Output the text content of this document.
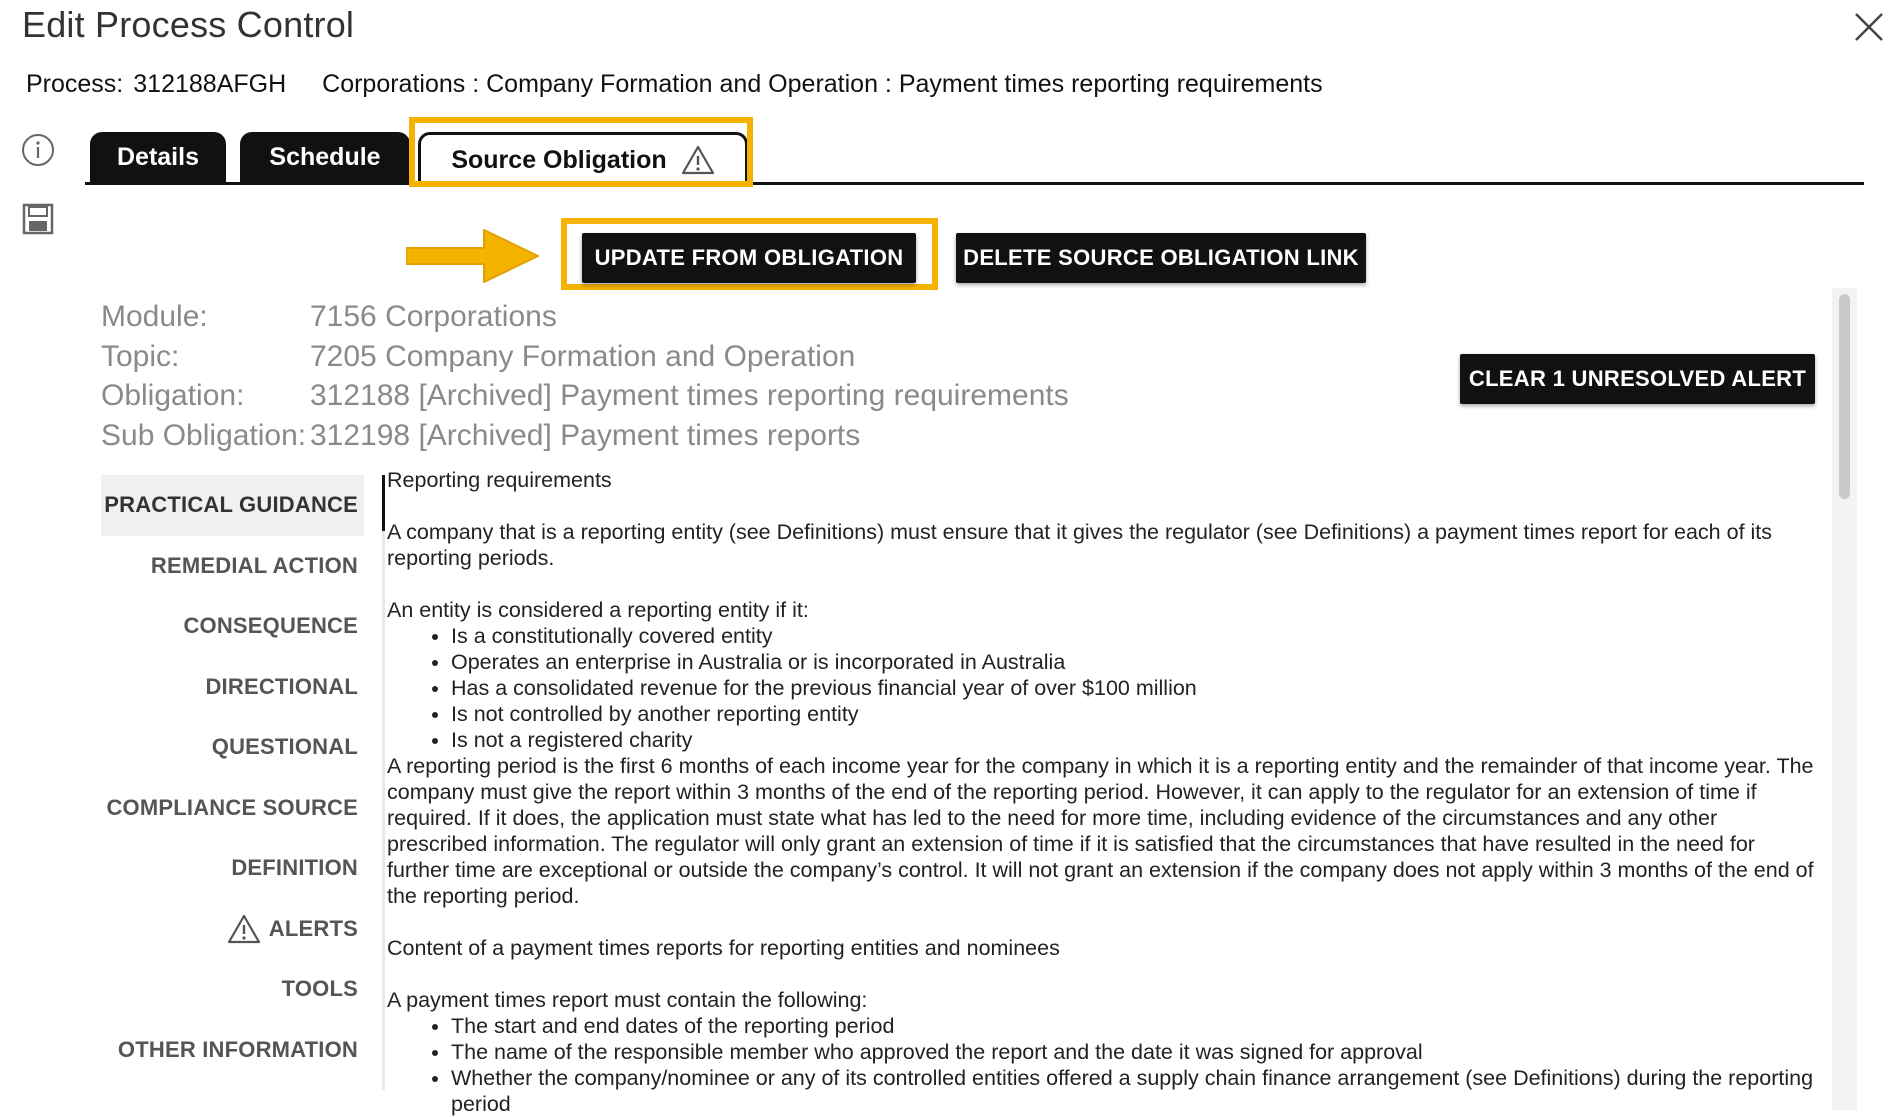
Edit Process Control
Process: 312188AFGH Corporations : Company Formation and Operation : Payment times reporting requirements

Details	Schedule	Source Obligation
UPDATE FROM OBLIGATION	DELETE SOURCE OBLIGATION LINK
CLEAR 1 UNRESOLVED ALERT
Module:	7156 Corporations
Topic:	7205 Company Formation and Operation
Obligation:	312188 [Archived] Payment times reporting requirements
Sub Obligation: 312198 [Archived] Payment times reports
PRACTICAL GUIDANCE
REMEDIAL ACTION
CONSEQUENCE
DIRECTIONAL
QUESTIONAL
COMPLIANCE SOURCE
DEFINITION
ALERTS
TOOLS
OTHER INFORMATION

Reporting requirements

A company that is a reporting entity (see Definitions) must ensure that it gives the regulator (see Definitions) a payment times report for each of its reporting periods.

An entity is considered a reporting entity if it:

• Is a constitutionally covered entity
• Operates an enterprise in Australia or is incorporated in Australia
• Has a consolidated revenue for the previous financial year of over $100 million
• Is not controlled by another reporting entity
• Is not a registered charity

A reporting period is the first 6 months of each income year for the company in which it is a reporting entity and the remainder of that income year. The company must give the report within 3 months of the end of the reporting period. However, it can apply to the regulator for an extension of time if required. If it does, the application must state what has led to the need for more time, including evidence of the circumstances and any other prescribed information. The regulator will only grant an extension of time if it is satisfied that the circumstances that have resulted in the need for further time are exceptional or outside the company’s control. It will not grant an extension if the company does not apply within 3 months of the end of the reporting period.

Content of a payment times reports for reporting entities and nominees

A payment times report must contain the following:

• The start and end dates of the reporting period
• The name of the responsible member who approved the report and the date it was signed for approval
• Whether the company/nominee or any of its controlled entities offered a supply chain finance arrangement (see Definitions) during the reporting period
